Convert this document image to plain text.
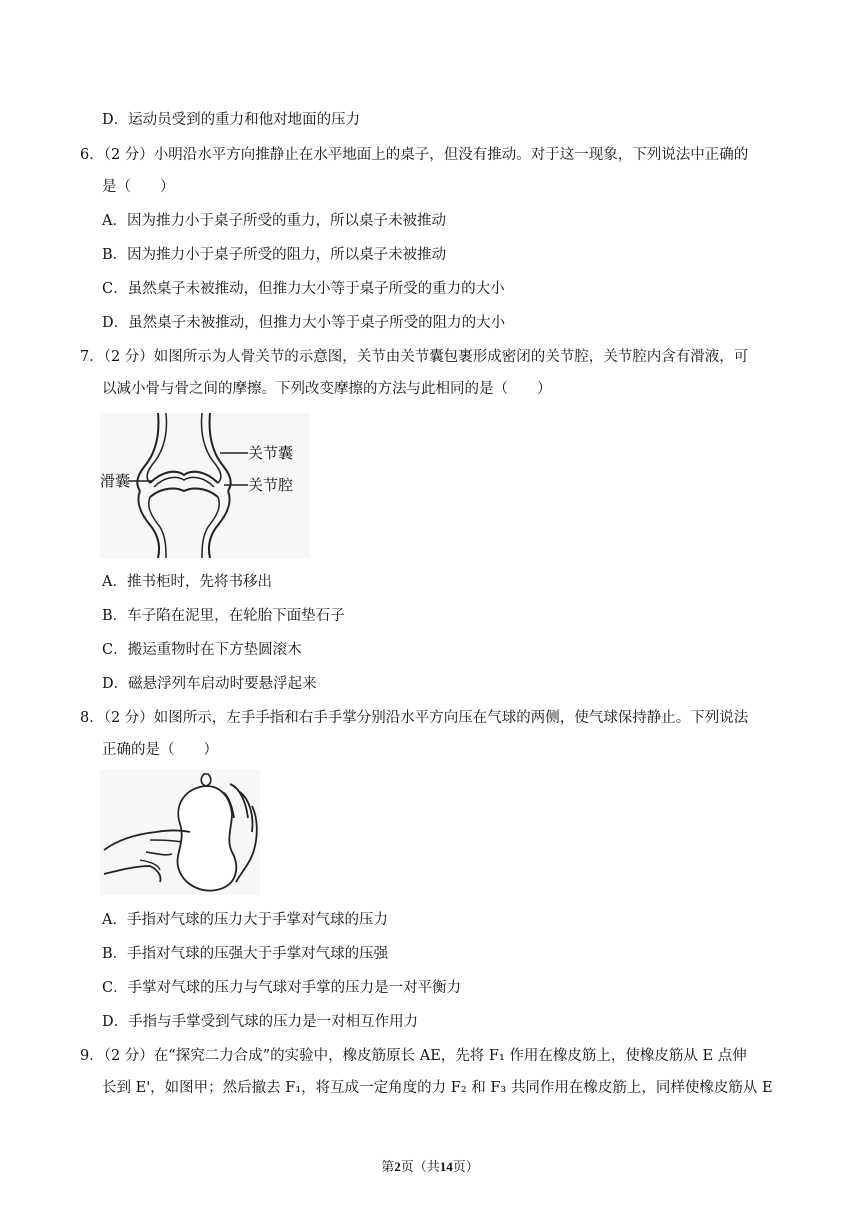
D．运动员受到的重力和他对地面的压力
6．（2 分）小明沿水平方向推静止在水平地面上的桌子，但没有推动。对于这一现象，下列说法中正确的
是（　　）
A．因为推力小于桌子所受的重力，所以桌子未被推动
B．因为推力小于桌子所受的阻力，所以桌子未被推动
C．虽然桌子未被推动，但推力大小等于桌子所受的重力的大小
D．虽然桌子未被推动，但推力大小等于桌子所受的阻力的大小
7．（2 分）如图所示为人骨关节的示意图，关节由关节囊包裹形成密闭的关节腔，关节腔内含有滑液，可
以减小骨与骨之间的摩擦。下列改变摩擦的方法与此相同的是（　　）
关节囊
关节腔
滑囊
A．推书柜时，先将书移出
B．车子陷在泥里，在轮胎下面垫石子
C．搬运重物时在下方垫圆滚木
D．磁悬浮列车启动时要悬浮起来
8．（2 分）如图所示，左手手指和右手手掌分别沿水平方向压在气球的两侧，使气球保持静止。下列说法
正确的是（　　）
A．手指对气球的压力大于手掌对气球的压力
B．手指对气球的压强大于手掌对气球的压强
C．手掌对气球的压力与气球对手掌的压力是一对平衡力
D．手指与手掌受到气球的压力是一对相互作用力
9．（2 分）在“探究二力合成”的实验中，橡皮筋原长 AE，先将 F₁ 作用在橡皮筋上，使橡皮筋从 E 点伸
长到 E'，如图甲；然后撤去 F₁，将互成一定角度的力 F₂ 和 F₃ 共同作用在橡皮筋上，同样使橡皮筋从 E
第2页（共14页）
